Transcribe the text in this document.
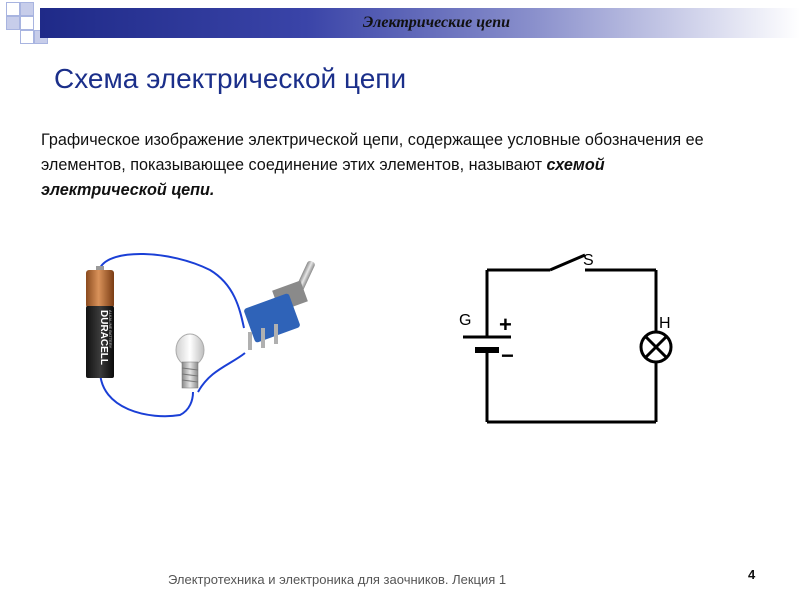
Электрические цепи
Схема электрической цепи
Графическое изображение электрической цепи, содержащее условные обозначения ее элементов, показывающее соединение этих элементов, называют схемой электрической цепи.
DURACELL ALKALINE BATTERY
S
G	H
+
−
Электротехника и электроника для заочников. Лекция 1	4
